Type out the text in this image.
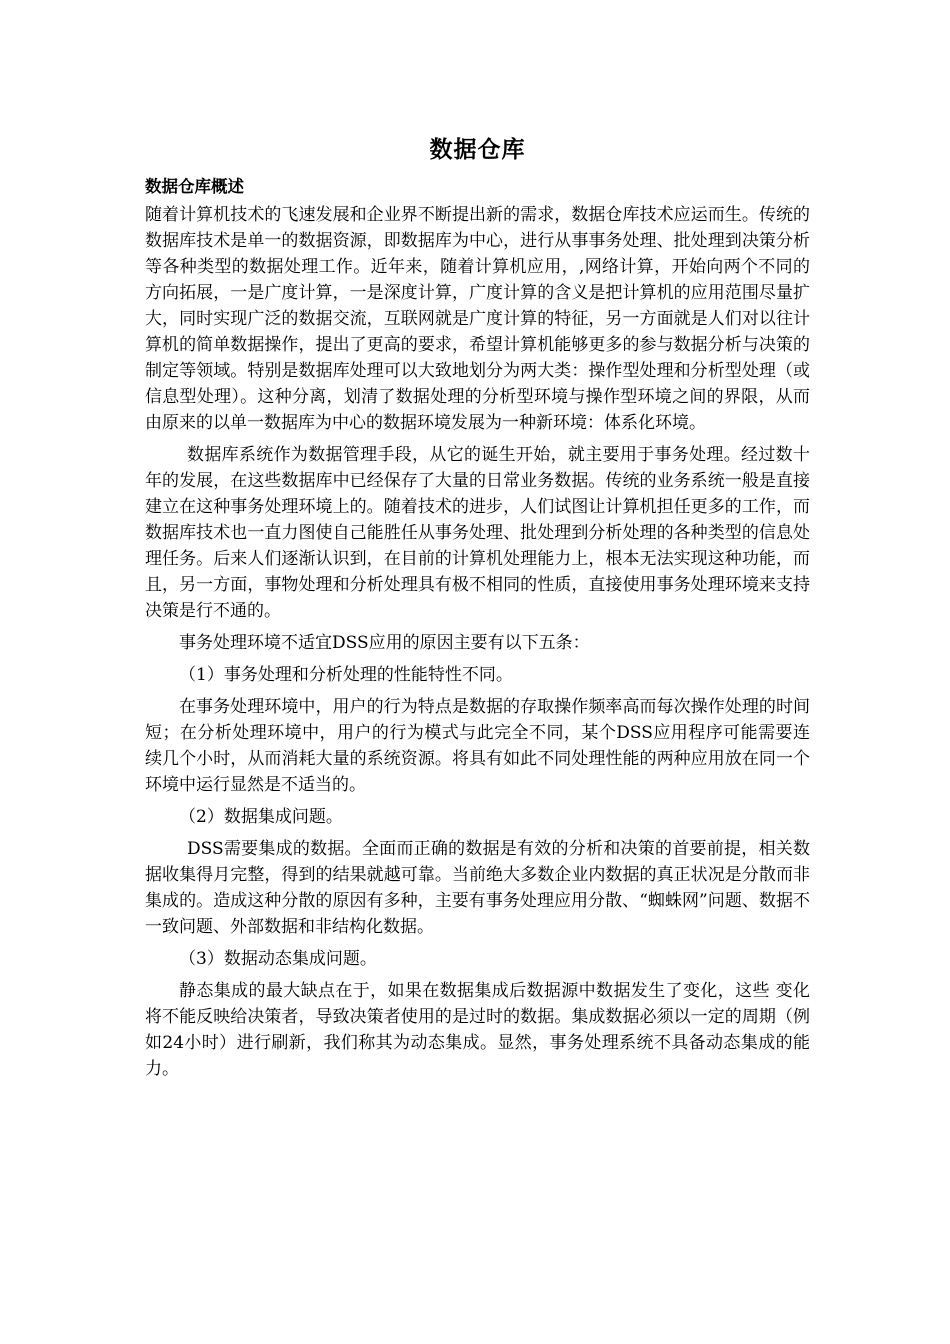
数据仓库
数据仓库概述

随着计算机技术的飞速发展和企业界不断提出新的需求，数据仓库技术应运而生。传统的数据库技术是单一的数据资源，即数据库为中心，进行从事事务处理、批处理到决策分析等各种类型的数据处理工作。近年来，随着计算机应用，,网络计算，开始向两个不同的方向拓展，一是广度计算，一是深度计算，广度计算的含义是把计算机的应用范围尽量扩大，同时实现广泛的数据交流，互联网就是广度计算的特征，另一方面就是人们对以往计算机的简单数据操作，提出了更高的要求，希望计算机能够更多的参与数据分析与决策的制定等领域。特别是数据库处理可以大致地划分为两大类：操作型处理和分析型处理（或信息型处理）。这种分离，划清了数据处理的分析型环境与操作型环境之间的界限，从而由原来的以单一数据库为中心的数据环境发展为一种新环境：体系化环境。

数据库系统作为数据管理手段，从它的诞生开始，就主要用于事务处理。经过数十年的发展，在这些数据库中已经保存了大量的日常业务数据。传统的业务系统一般是直接建立在这种事务处理环境上的。随着技术的进步，人们试图让计算机担任更多的工作，而数据库技术也一直力图使自己能胜任从事务处理、批处理到分析处理的各种类型的信息处理任务。后来人们逐渐认识到，在目前的计算机处理能力上，根本无法实现这种功能，而且，另一方面，事物处理和分析处理具有极不相同的性质，直接使用事务处理环境来支持决策是行不通的。

事务处理环境不适宜DSS应用的原因主要有以下五条：

（1）事务处理和分析处理的性能特性不同。

在事务处理环境中，用户的行为特点是数据的存取操作频率高而每次操作处理的时间短；在分析处理环境中，用户的行为模式与此完全不同，某个DSS应用程序可能需要连续几个小时，从而消耗大量的系统资源。将具有如此不同处理性能的两种应用放在同一个环境中运行显然是不适当的。

（2）数据集成问题。

DSS需要集成的数据。全面而正确的数据是有效的分析和决策的首要前提，相关数据收集得月完整，得到的结果就越可靠。当前绝大多数企业内数据的真正状况是分散而非集成的。造成这种分散的原因有多种，主要有事务处理应用分散、“蜘蛛网”问题、数据不一致问题、外部数据和非结构化数据。

（3）数据动态集成问题。

静态集成的最大缺点在于，如果在数据集成后数据源中数据发生了变化，这些 变化将不能反映给决策者，导致决策者使用的是过时的数据。集成数据必须以一定的周期（例如24小时）进行刷新，我们称其为动态集成。显然，事务处理系统不具备动态集成的能力。
